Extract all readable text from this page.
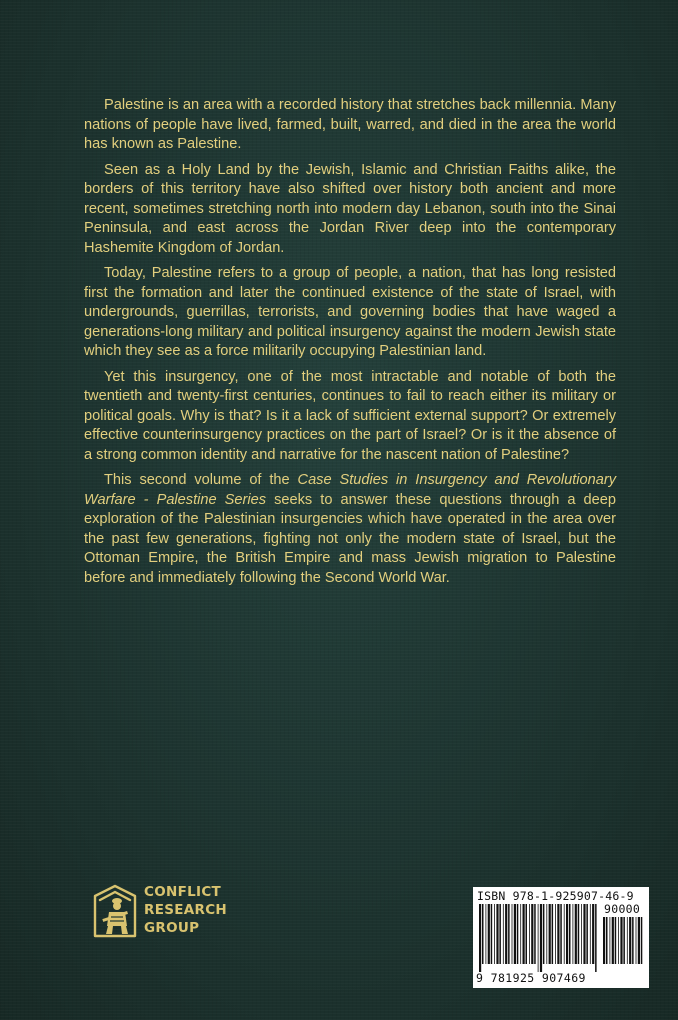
Palestine is an area with a recorded history that stretches back millennia. Many nations of people have lived, farmed, built, warred, and died in the area the world has known as Palestine.

Seen as a Holy Land by the Jewish, Islamic and Christian Faiths alike, the borders of this territory have also shifted over history both ancient and more recent, sometimes stretching north into modern day Lebanon, south into the Sinai Peninsula, and east across the Jordan River deep into the contemporary Hashemite Kingdom of Jordan.

Today, Palestine refers to a group of people, a nation, that has long resisted first the formation and later the continued existence of the state of Israel, with undergrounds, guerrillas, terrorists, and governing bodies that have waged a generations-long military and political insurgency against the modern Jewish state which they see as a force militarily occupying Palestinian land.

Yet this insurgency, one of the most intractable and notable of both the twentieth and twenty-first centuries, continues to fail to reach either its military or political goals. Why is that? Is it a lack of sufficient external support? Or extremely effective counterinsurgency practices on the part of Israel? Or is it the absence of a strong common identity and narrative for the nascent nation of Palestine?

This second volume of the Case Studies in Insurgency and Revolutionary Warfare - Palestine Series seeks to answer these questions through a deep exploration of the Palestinian insurgencies which have operated in the area over the past few generations, fighting not only the modern state of Israel, but the Ottoman Empire, the British Empire and mass Jewish migration to Palestine before and immediately following the Second World War.

CONFLICT
RESEARCH
GROUP
ISBN 978-1-925907-46-9
90000
9 781925 907469
